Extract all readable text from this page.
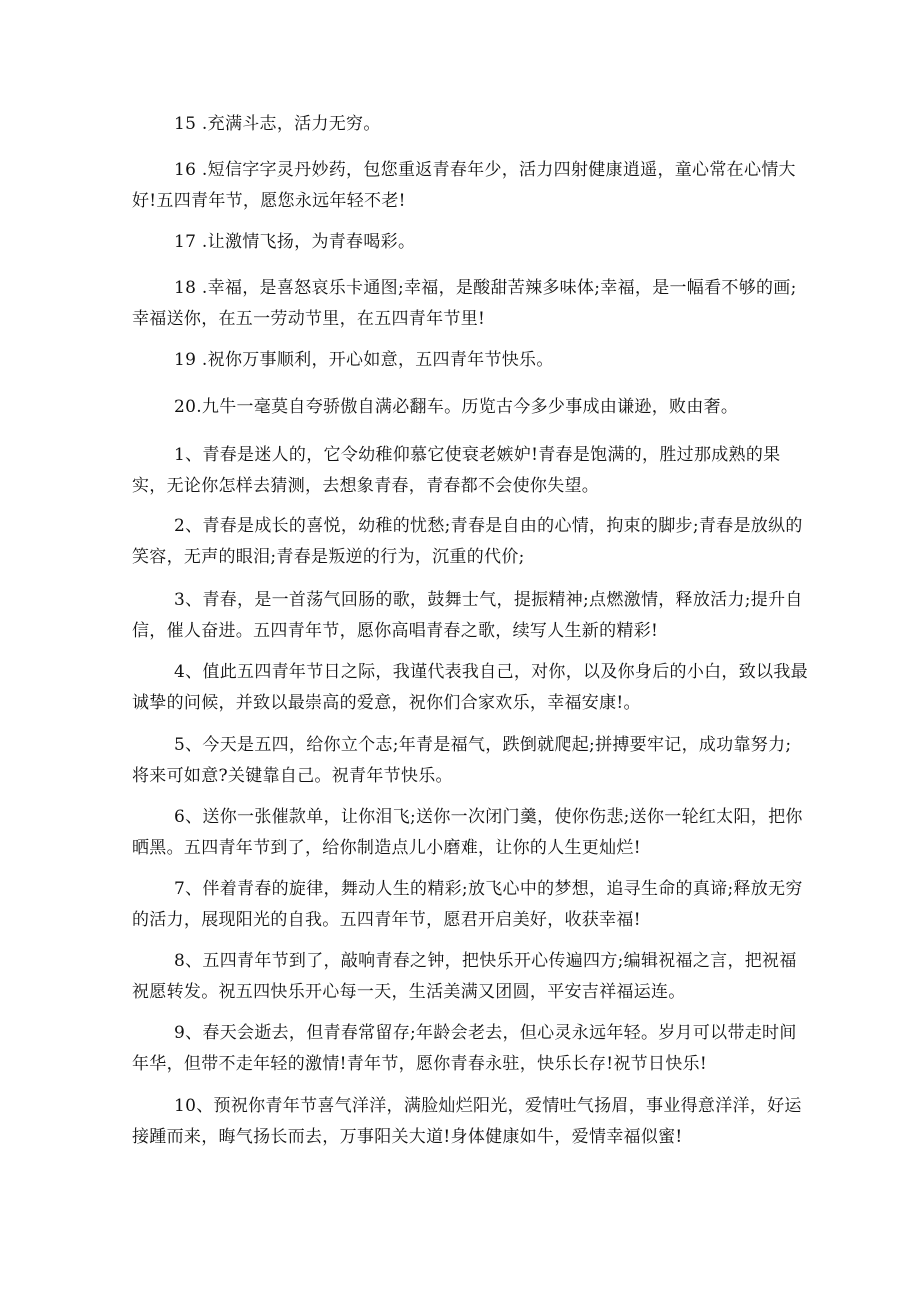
15 .充满斗志，活力无穷。

16 .短信字字灵丹妙药，包您重返青春年少，活力四射健康逍遥，童心常在心情大好!五四青年节，愿您永远年轻不老!

17 .让激情飞扬，为青春喝彩。

18 .幸福，是喜怒哀乐卡通图;幸福，是酸甜苦辣多味体;幸福，是一幅看不够的画;幸福送你，在五一劳动节里，在五四青年节里!

19 .祝你万事顺利，开心如意，五四青年节快乐。

20.九牛一毫莫自夸骄傲自满必翻车。历览古今多少事成由谦逊，败由奢。

1、青春是迷人的，它令幼稚仰慕它使衰老嫉妒!青春是饱满的，胜过那成熟的果实，无论你怎样去猜测，去想象青春，青春都不会使你失望。

2、青春是成长的喜悦，幼稚的忧愁;青春是自由的心情，拘束的脚步;青春是放纵的笑容，无声的眼泪;青春是叛逆的行为，沉重的代价;

3、青春，是一首荡气回肠的歌，鼓舞士气，提振精神;点燃激情，释放活力;提升自信，催人奋进。五四青年节，愿你高唱青春之歌，续写人生新的精彩!

4、值此五四青年节日之际，我谨代表我自己，对你，以及你身后的小白，致以我最诚挚的问候，并致以最崇高的爱意，祝你们合家欢乐，幸福安康!。

5、今天是五四，给你立个志;年青是福气，跌倒就爬起;拼搏要牢记，成功靠努力;将来可如意?关键靠自己。祝青年节快乐。

6、送你一张催款单，让你泪飞;送你一次闭门羹，使你伤悲;送你一轮红太阳，把你晒黑。五四青年节到了，给你制造点儿小磨难，让你的人生更灿烂!

7、伴着青春的旋律，舞动人生的精彩;放飞心中的梦想，追寻生命的真谛;释放无穷的活力，展现阳光的自我。五四青年节，愿君开启美好，收获幸福!

8、五四青年节到了，敲响青春之钟，把快乐开心传遍四方;编辑祝福之言，把祝福祝愿转发。祝五四快乐开心每一天，生活美满又团圆，平安吉祥福运连。

9、春天会逝去，但青春常留存;年龄会老去，但心灵永远年轻。岁月可以带走时间年华，但带不走年轻的激情!青年节，愿你青春永驻，快乐长存!祝节日快乐!

10、预祝你青年节喜气洋洋，满脸灿烂阳光，爱情吐气扬眉，事业得意洋洋，好运接踵而来，晦气扬长而去，万事阳关大道!身体健康如牛，爱情幸福似蜜!
